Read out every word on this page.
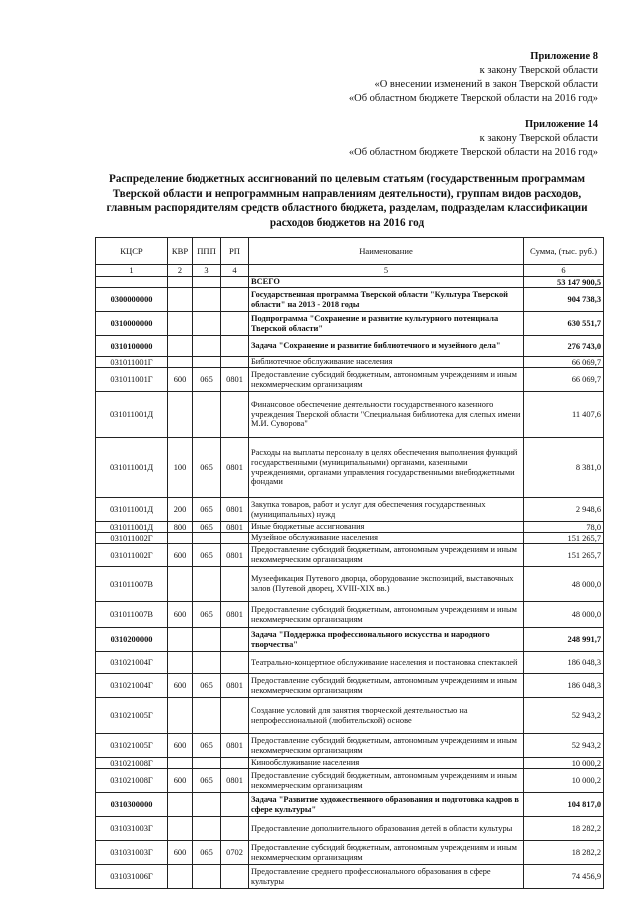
Приложение 8
к закону Тверской области
«О внесении изменений в закон Тверской области
«Об областном бюджете Тверской области на 2016 год»
Приложение 14
к закону Тверской области
«Об областном бюджете Тверской области на 2016 год»
Распределение бюджетных ассигнований по целевым статьям (государственным программам Тверской области и непрограммным направлениям деятельности), группам видов расходов, главным распорядителям средств областного бюджета, разделам, подразделам классификации расходов бюджетов на 2016 год
КЦСР	КВР	ППП	РП	Наименование	Сумма, (тыс. руб.)
1	2	3	4	5	6
				ВСЕГО	53 147 900,5
0300000000				Государственная программа Тверской области "Культура Тверской области" на 2013 - 2018 годы	904 738,3
0310000000				Подпрограмма "Сохранение и развитие культурного потенциала Тверской области"	630 551,7
0310100000				Задача "Сохранение и развитие библиотечного и музейного дела"	276 743,0
031011001Г				Библиотечное обслуживание населения	66 069,7
031011001Г	600	065	0801	Предоставление субсидий бюджетным, автономным учреждениям и иным некоммерческим организациям	66 069,7
031011001Д				Финансовое обеспечение деятельности государственного казенного учреждения Тверской области "Специальная библиотека для слепых имени М.И. Суворова"	11 407,6
031011001Д	100	065	0801	Расходы на выплаты персоналу в целях обеспечения выполнения функций государственными (муниципальными) органами, казенными учреждениями, органами управления государственными внебюджетными фондами	8 381,0
031011001Д	200	065	0801	Закупка товаров, работ и услуг для обеспечения государственных (муниципальных) нужд	2 948,6
031011001Д	800	065	0801	Иные бюджетные ассигнования	78,0
031011002Г				Музейное обслуживание населения	151 265,7
031011002Г	600	065	0801	Предоставление субсидий бюджетным, автономным учреждениям и иным некоммерческим организациям	151 265,7
031011007В				Музеефикация Путевого дворца, оборудование экспозиций, выставочных залов (Путевой дворец, XVIII-XIX вв.)	48 000,0
031011007В	600	065	0801	Предоставление субсидий бюджетным, автономным учреждениям и иным некоммерческим организациям	48 000,0
0310200000				Задача "Поддержка профессионального искусства и народного творчества"	248 991,7
031021004Г				Театрально-концертное обслуживание населения и постановка спектаклей	186 048,3
031021004Г	600	065	0801	Предоставление субсидий бюджетным, автономным учреждениям и иным некоммерческим организациям	186 048,3
031021005Г				Создание условий для занятия творческой деятельностью на непрофессиональной (любительской) основе	52 943,2
031021005Г	600	065	0801	Предоставление субсидий бюджетным, автономным учреждениям и иным некоммерческим организациям	52 943,2
031021008Г				Кинообслуживание населения	10 000,2
031021008Г	600	065	0801	Предоставление субсидий бюджетным, автономным учреждениям и иным некоммерческим организациям	10 000,2
0310300000				Задача "Развитие художественного образования и подготовка кадров в сфере культуры"	104 817,0
031031003Г				Предоставление дополнительного образования детей в области культуры	18 282,2
031031003Г	600	065	0702	Предоставление субсидий бюджетным, автономным учреждениям и иным некоммерческим организациям	18 282,2
031031006Г				Предоставление среднего профессионального образования в сфере культуры	74 456,9
